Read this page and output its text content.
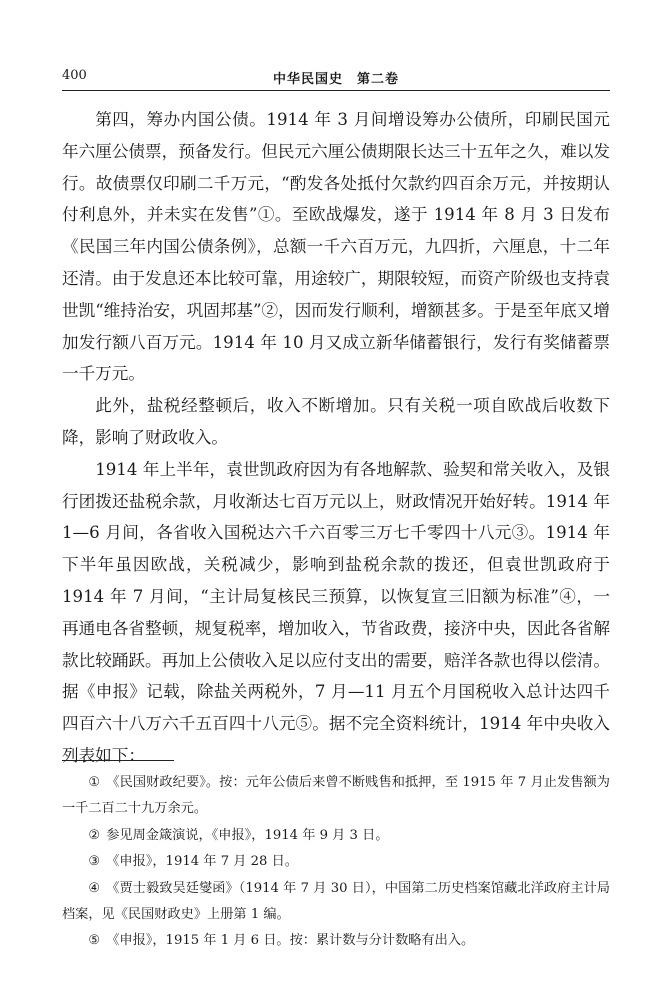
400	中华民国史　第二卷

第四，筹办内国公债。1914 年 3 月间增设筹办公债所，印刷民国元年六厘公债票，预备发行。但民元六厘公债期限长达三十五年之久，难以发行。故债票仅印刷二千万元，“酌发各处抵付欠款约四百余万元，并按期认付利息外，并未实在发售”①。至欧战爆发，遂于 1914 年 8 月 3 日发布《民国三年内国公债条例》，总额一千六百万元，九四折，六厘息，十二年还清。由于发息还本比较可靠，用途较广，期限较短，而资产阶级也支持袁世凯“维持治安，巩固邦基”②，因而发行顺利，增额甚多。于是至年底又增加发行额八百万元。1914 年 10 月又成立新华储蓄银行，发行有奖储蓄票一千万元。

此外，盐税经整顿后，收入不断增加。只有关税一项自欧战后收数下降，影响了财政收入。

1914 年上半年，袁世凯政府因为有各地解款、验契和常关收入，及银行团拨还盐税余款，月收渐达七百万元以上，财政情况开始好转。1914 年 1—6 月间，各省收入国税达六千六百零三万七千零四十八元③。1914 年下半年虽因欧战，关税减少，影响到盐税余款的拨还，但袁世凯政府于 1914 年 7 月间，“主计局复核民三预算，以恢复宣三旧额为标准”④，一再通电各省整顿，规复税率，增加收入，节省政费，接济中央，因此各省解款比较踊跃。再加上公债收入足以应付支出的需要，赔洋各款也得以偿清。据《申报》记载，除盐关两税外，7 月—11 月五个月国税收入总计达四千四百六十八万六千五百四十八元⑤。据不完全资料统计，1914 年中央收入列表如下：

① 《民国财政纪要》。按：元年公债后来曾不断贱售和抵押，至 1915 年 7 月止发售额为一千二百二十九万余元。

② 参见周金箴演说，《申报》，1914 年 9 月 3 日。

③ 《申报》，1914 年 7 月 28 日。

④ 《贾士毅致吴廷燮函》（1914 年 7 月 30 日），中国第二历史档案馆藏北洋政府主计局档案，见《民国财政史》上册第 1 编。

⑤ 《申报》，1915 年 1 月 6 日。按：累计数与分计数略有出入。
